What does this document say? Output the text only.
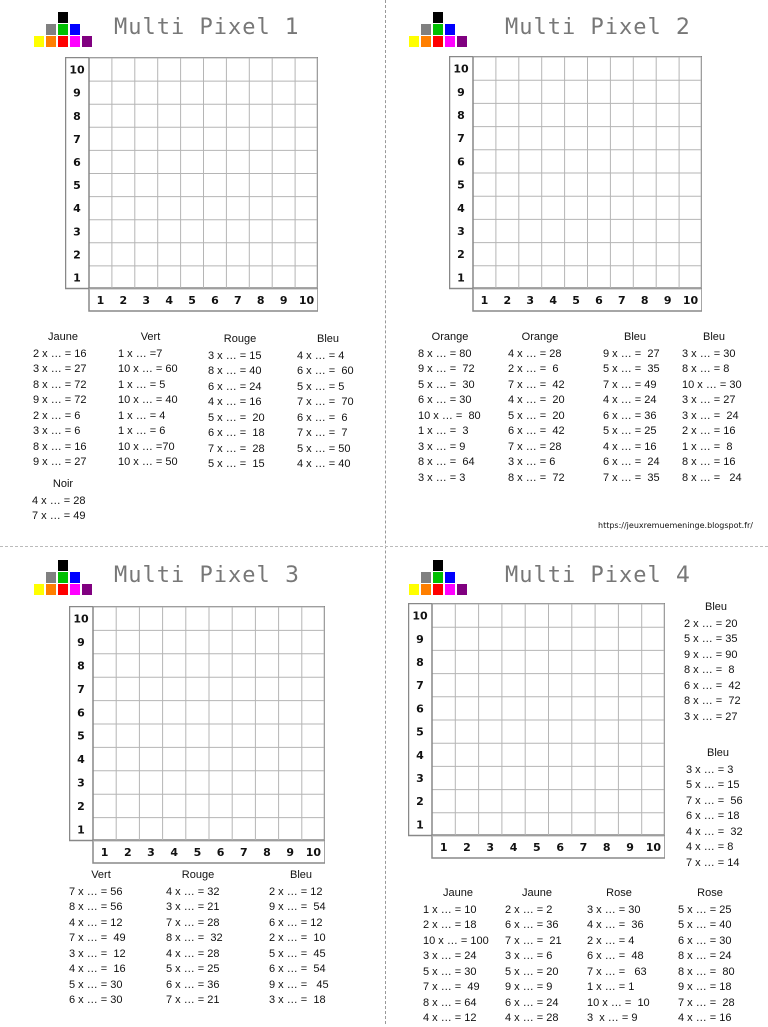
Multi Pixel 1
1
1
2
2
3
3
4
4
5
5
6
6
7
7
8
8
9
9
10
10
Jaune
2 x … = 16
3 x … = 27
8 x … = 72
9 x … = 72
2 x … = 6
3 x … = 6
8 x … = 16
9 x … = 27
Vert
1 x … =7
10 x … = 60
1 x … = 5
10 x … = 40
1 x … = 4
1 x … = 6
10 x … =70
10 x … = 50
Rouge
3 x … = 15
8 x … = 40
6 x … = 24
4 x … = 16
5 x … =  20
6 x … =  18
7 x … =  28
5 x … =  15
Bleu
4 x … = 4
6 x … =  60
5 x … = 5
7 x … =  70
6 x … =  6
7 x … =  7
5 x … = 50
4 x … = 40
Noir
4 x … = 28
7 x … = 49
Multi Pixel 2
1
1
2
2
3
3
4
4
5
5
6
6
7
7
8
8
9
9
10
10
Orange
8 x … = 80
9 x … =  72
5 x … =  30
6 x … = 30
10 x … =  80
1 x … =  3
3 x … = 9
8 x … =  64
3 x … = 3
Orange
4 x … = 28
2 x … =  6
7 x … =  42
4 x … =  20
5 x … =  20
6 x … =  42
7 x … = 28
3 x … = 6
8 x … =  72
Bleu
9 x … =  27
5 x … =  35
7 x … = 49
4 x … = 24
6 x … = 36
5 x … = 25
4 x … = 16
6 x … =  24
7 x … =  35
Bleu
3 x … = 30
8 x … = 8
10 x … = 30
3 x … = 27
3 x … =  24
2 x … = 16
1 x … =  8
8 x … = 16
8 x … =   24
https://jeuxremuemeninge.blogspot.fr/
Multi Pixel 3
1
1
2
2
3
3
4
4
5
5
6
6
7
7
8
8
9
9
10
10
Vert
7 x … = 56
8 x … = 56
4 x … = 12
7 x … =  49
3 x … =  12
4 x … =  16
5 x … = 30
6 x … = 30
Rouge
4 x … = 32
3 x … = 21
7 x … = 28
8 x … =  32
4 x … = 28
5 x … = 25
6 x … = 36
7 x … = 21
Bleu
2 x … = 12
9 x … =  54
6 x … = 12
2 x … =  10
5 x … =  45
6 x … =  54
9 x … =   45
3 x … =  18
Multi Pixel 4
1
1
2
2
3
3
4
4
5
5
6
6
7
7
8
8
9
9
10
10
Bleu
2 x … = 20
5 x … = 35
9 x … = 90
8 x … =  8
6 x … =  42
8 x … =  72
3 x … = 27
Bleu
3 x … = 3
5 x … = 15
7 x … =  56
6 x … = 18
4 x … =  32
4 x … = 8
7 x … = 14
Jaune
1 x … = 10
2 x … = 18
10 x … = 100
3 x … = 24
5 x … = 30
7 x … =  49
8 x … = 64
4 x … = 12
Jaune
2 x … = 2
6 x … = 36
7 x … =  21
3 x … = 6
5 x … = 20
9 x … = 9
6 x … = 24
4 x … = 28
Rose
3 x … = 30
4 x … =  36
2 x … = 4
6 x … =  48
7 x … =   63
1 x … = 1
10 x … =  10
3  x … = 9
Rose
5 x … = 25
5 x … = 40
6 x … = 30
8 x … = 24
8 x … =  80
9 x … = 18
7 x … =  28
4 x … = 16
